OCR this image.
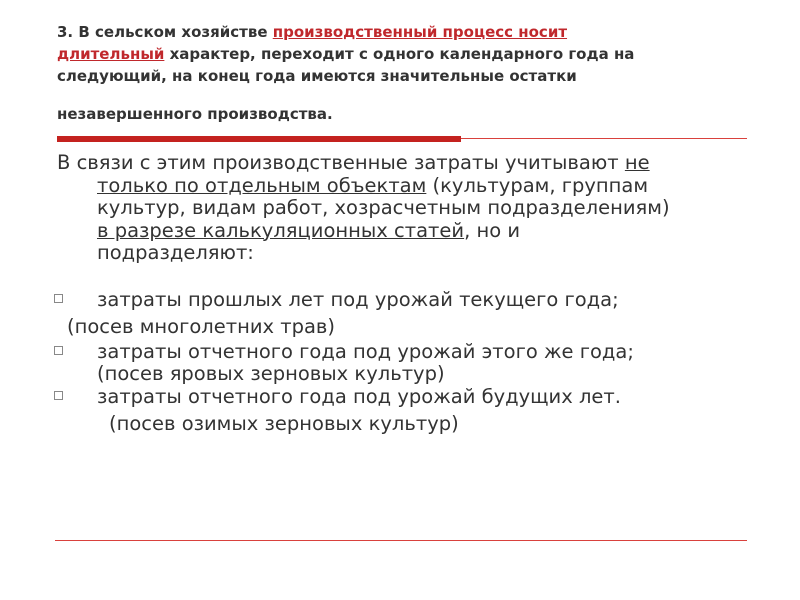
3. В сельском хозяйстве производственный процесс носит
длительный характер, переходит с одного календарного года на
следующий, на конец года имеются значительные остатки
незавершенного производства.
В связи с этим производственные затраты учитывают не
только по отдельным объектам (культурам, группам
культур, видам работ, хозрасчетным подразделениям)
в разрезе калькуляционных статей, но и
подразделяют:
затраты прошлых лет под урожай текущего года;
(посев многолетних трав)
затраты отчетного года под урожай этого же года;
(посев яровых зерновых культур)
затраты отчетного года под урожай будущих лет.
(посев озимых зерновых культур)
